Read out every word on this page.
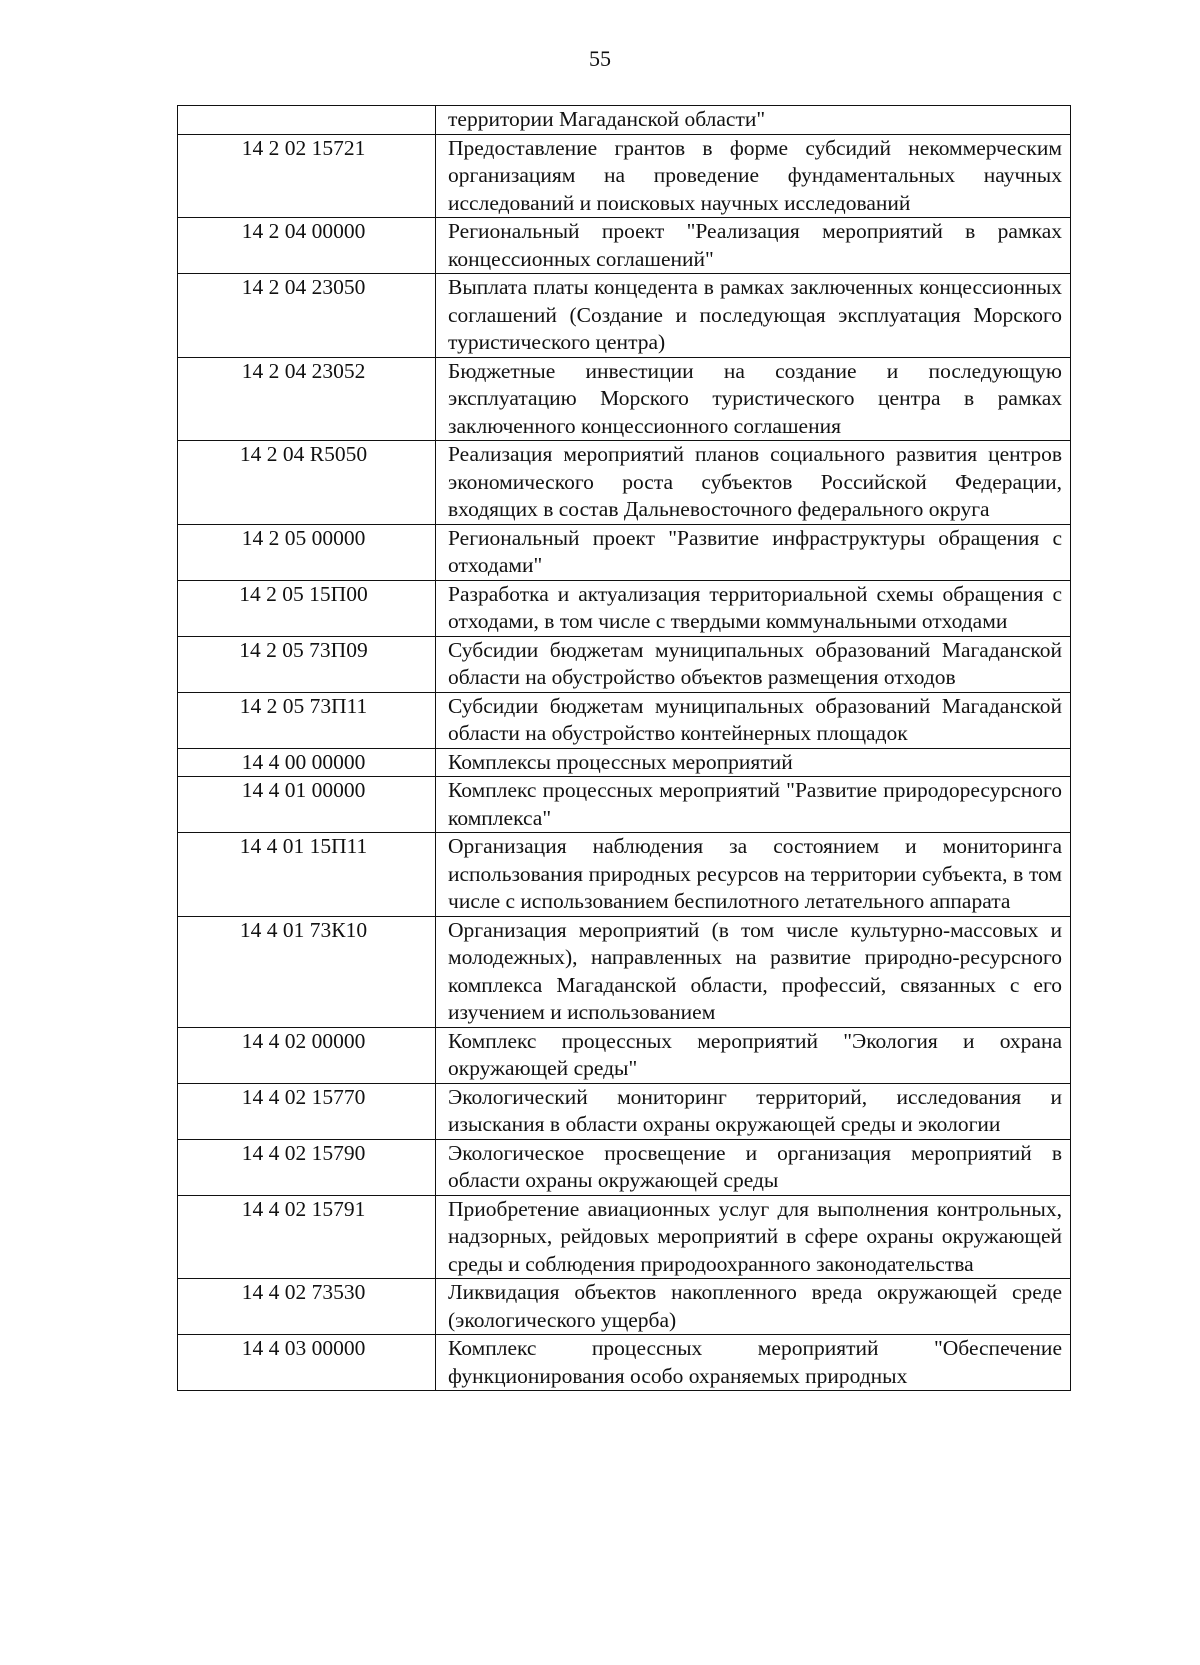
55
	территории Магаданской области"
14 2 02 15721	Предоставление грантов в форме субсидий некоммерческим организациям на проведение фундаментальных научных исследований и поисковых научных исследований
14 2 04 00000	Региональный проект "Реализация мероприятий в рамках концессионных соглашений"
14 2 04 23050	Выплата платы концедента в рамках заключенных концессионных соглашений (Создание и последующая эксплуатация Морского туристического центра)
14 2 04 23052	Бюджетные инвестиции на создание и последующую эксплуатацию Морского туристического центра в рамках заключенного концессионного соглашения
14 2 04 R5050	Реализация мероприятий планов социального развития центров экономического роста субъектов Российской Федерации, входящих в состав Дальневосточного федерального округа
14 2 05 00000	Региональный проект "Развитие инфраструктуры обращения с отходами"
14 2 05 15П00	Разработка и актуализация территориальной схемы обращения с отходами, в том числе с твердыми коммунальными отходами
14 2 05 73П09	Субсидии бюджетам муниципальных образований Магаданской области на обустройство объектов размещения отходов
14 2 05 73П11	Субсидии бюджетам муниципальных образований Магаданской области на обустройство контейнерных площадок
14 4 00 00000	Комплексы процессных мероприятий
14 4 01 00000	Комплекс процессных мероприятий "Развитие природоресурсного комплекса"
14 4 01 15П11	Организация наблюдения за состоянием и мониторинга использования природных ресурсов на территории субъекта, в том числе с использованием беспилотного летательного аппарата
14 4 01 73К10	Организация мероприятий (в том числе культурно-массовых и молодежных), направленных на развитие природно-ресурсного комплекса Магаданской области, профессий, связанных с его изучением и использованием
14 4 02 00000	Комплекс процессных мероприятий "Экология и охрана окружающей среды"
14 4 02 15770	Экологический мониторинг территорий, исследования и изыскания в области охраны окружающей среды и экологии
14 4 02 15790	Экологическое просвещение и организация мероприятий в области охраны окружающей среды
14 4 02 15791	Приобретение авиационных услуг для выполнения контрольных, надзорных, рейдовых мероприятий в сфере охраны окружающей среды и соблюдения природоохранного законодательства
14 4 02 73530	Ликвидация объектов накопленного вреда окружающей среде (экологического ущерба)
14 4 03 00000	Комплекс процессных мероприятий "Обеспечение функционирования особо охраняемых природных
